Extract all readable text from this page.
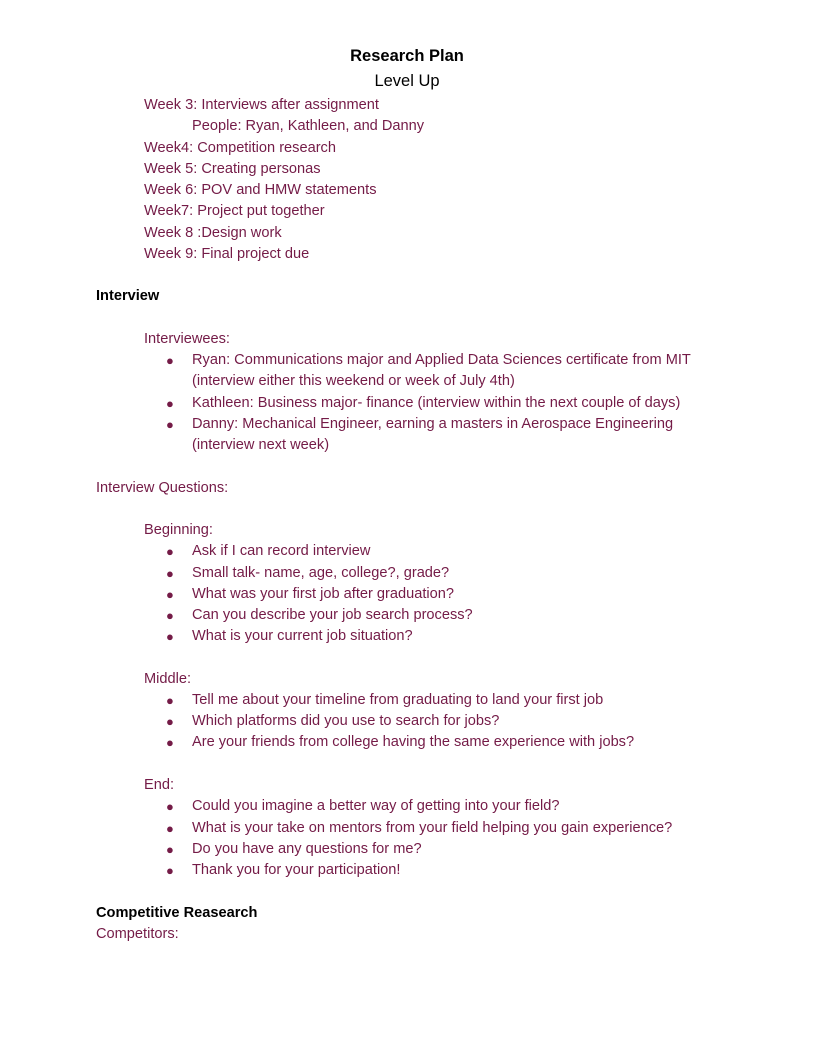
Research Plan
Level Up
Week 3: Interviews after assignment
People: Ryan, Kathleen, and Danny
Week4: Competition research
Week 5: Creating personas
Week 6: POV and HMW statements
Week7: Project put together
Week 8 :Design work
Week 9: Final project due
Interview
Interviewees:
● Ryan: Communications major and Applied Data Sciences certificate from MIT
(interview either this weekend or week of July 4th)
● Kathleen: Business major- finance (interview within the next couple of days)
● Danny: Mechanical Engineer, earning a masters in Aerospace Engineering
(interview next week)
Interview Questions:
Beginning:
● Ask if I can record interview
● Small talk- name, age, college?, grade?
● What was your first job after graduation?
● Can you describe your job search process?
● What is your current job situation?
Middle:
● Tell me about your timeline from graduating to land your first job
● Which platforms did you use to search for jobs?
● Are your friends from college having the same experience with jobs?
End:
● Could you imagine a better way of getting into your field?
● What is your take on mentors from your field helping you gain experience?
● Do you have any questions for me?
● Thank you for your participation!
Competitive Reasearch
Competitors:
